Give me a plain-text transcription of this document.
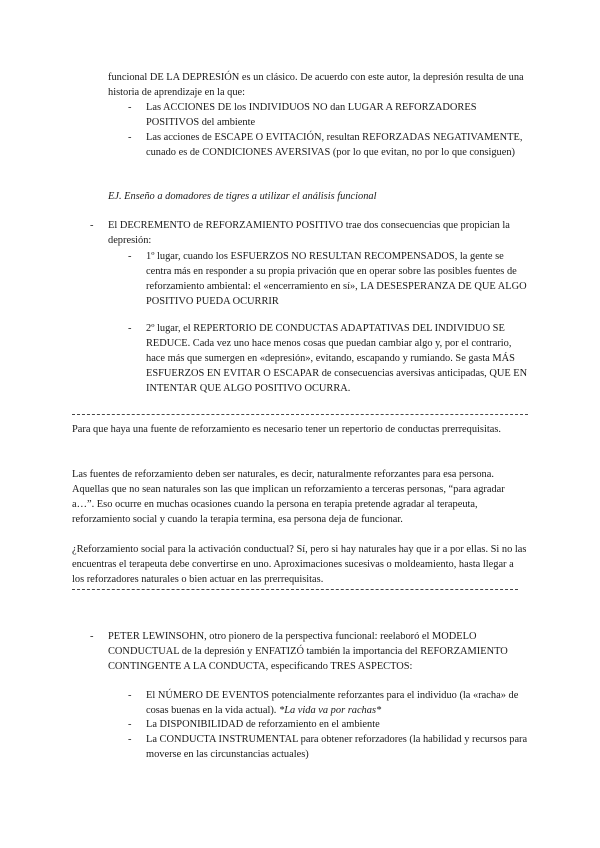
funcional DE LA DEPRESIÓN es un clásico. De acuerdo con este autor, la depresión resulta de una historia de aprendizaje en la que:

-	Las ACCIONES DE los INDIVIDUOS NO dan LUGAR A REFORZADORES POSITIVOS del ambiente

-	Las acciones de ESCAPE O EVITACIÓN, resultan REFORZADAS NEGATIVAMENTE, cunado es de CONDICIONES AVERSIVAS (por lo que evitan, no por lo que consiguen)

EJ. Enseño a domadores de tigres a utilizar el análisis funcional

-	El DECREMENTO de REFORZAMIENTO POSITIVO trae dos consecuencias que propician la depresión:

-	1º lugar, cuando los ESFUERZOS NO RESULTAN RECOMPENSADOS, la gente se centra más en responder a su propia privación que en operar sobre las posibles fuentes de reforzamiento ambiental: el «encerramiento en sí», LA DESESPERANZA DE QUE ALGO POSITIVO PUEDA OCURRIR

-	2º lugar, el REPERTORIO DE CONDUCTAS ADAPTATIVAS DEL INDIVIDUO SE REDUCE. Cada vez uno hace menos cosas que puedan cambiar algo y, por el contrario, hace más que sumergen en «depresión», evitando, escapando y rumiando. Se gasta MÁS ESFUERZOS EN EVITAR O ESCAPAR de consecuencias aversivas anticipadas, QUE EN INTENTAR QUE ALGO POSITIVO OCURRA.

Para que haya una fuente de reforzamiento es necesario tener un repertorio de conductas prerrequisitas.

Las fuentes de reforzamiento deben ser naturales, es decir, naturalmente reforzantes para esa persona. Aquellas que no sean naturales son las que implican un reforzamiento a terceras personas, “para agradar a…”. Eso ocurre en muchas ocasiones cuando la persona en terapia pretende agradar al terapeuta, reforzamiento social y cuando la terapia termina, esa persona deja de funcionar.

¿Reforzamiento social para la activación conductual? Sí, pero si hay naturales hay que ir a por ellas. Si no las encuentras el terapeuta debe convertirse en uno. Aproximaciones sucesivas o moldeamiento, hasta llegar a los reforzadores naturales o bien actuar en las prerrequisitas.

-	PETER LEWINSOHN, otro pionero de la perspectiva funcional: reelaboró el MODELO CONDUCTUAL de la depresión y ENFATIZÓ también la importancia del REFORZAMIENTO CONTINGENTE A LA CONDUCTA, especificando TRES ASPECTOS:

-	El NÚMERO DE EVENTOS potencialmente reforzantes para el individuo (la «racha» de cosas buenas en la vida actual). *La vida va por rachas*

-	La DISPONIBILIDAD de reforzamiento en el ambiente

-	La CONDUCTA INSTRUMENTAL para obtener reforzadores (la habilidad y recursos para moverse en las circunstancias actuales)
